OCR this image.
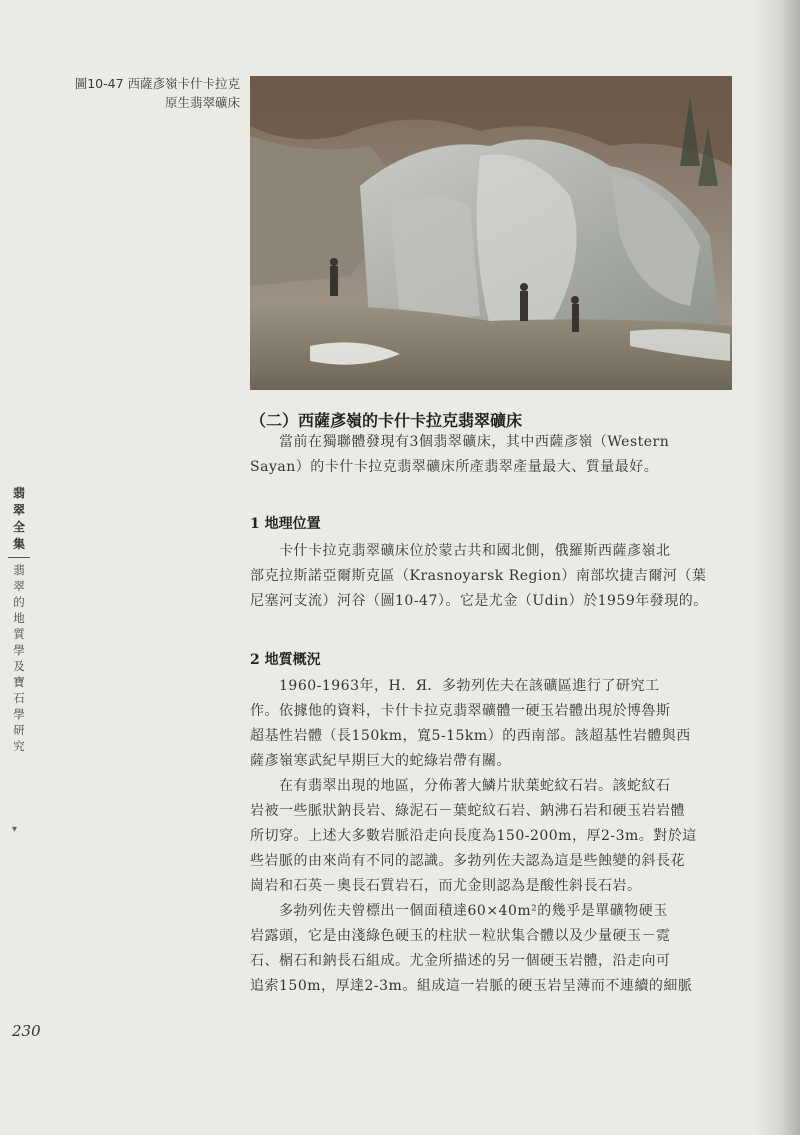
圖10-47 西薩彥嶺卡什卡拉克
原生翡翠礦床
翡
翠
全
集
翡
翠
的
地
質
學
及
寶
石
學
研
究
▾
230
（二）西薩彥嶺的卡什卡拉克翡翠礦床
　　當前在獨聯體發現有3個翡翠礦床，其中西薩彥嶺（Western
Sayan）的卡什卡拉克翡翠礦床所產翡翠產量最大、質量最好。
1 地理位置
　　卡什卡拉克翡翠礦床位於蒙古共和國北側，俄羅斯西薩彥嶺北
部克拉斯諾亞爾斯克區（Krasnoyarsk Region）南部坎捷吉爾河（葉
尼塞河支流）河谷（圖10-47）。它是尤金（Udin）於1959年發現的。
2 地質概況
　　1960-1963年，H．Я．多勃列佐夫在該礦區進行了研究工
作。依據他的資料，卡什卡拉克翡翠礦體一硬玉岩體出現於博魯斯
超基性岩體（長150km，寬5-15km）的西南部。該超基性岩體與西
薩彥嶺寒武紀早期巨大的蛇綠岩帶有關。
　　在有翡翠出現的地區，分佈著大鱗片狀葉蛇紋石岩。該蛇紋石
岩被一些脈狀鈉長岩、綠泥石－葉蛇紋石岩、鈉沸石岩和硬玉岩岩體
所切穿。上述大多數岩脈沿走向長度為150-200m，厚2-3m。對於這
些岩脈的由來尚有不同的認識。多勃列佐夫認為這是些蝕變的斜長花
崗岩和石英－奧長石質岩石，而尤金則認為是酸性斜長石岩。
　　多勃列佐夫曾標出一個面積達60×40m²的幾乎是單礦物硬玉
岩露頭，它是由淺綠色硬玉的柱狀－粒狀集合體以及少量硬玉－霓
石、榍石和鈉長石組成。尤金所描述的另一個硬玉岩體，沿走向可
追索150m，厚達2-3m。組成這一岩脈的硬玉岩呈薄而不連續的細脈
